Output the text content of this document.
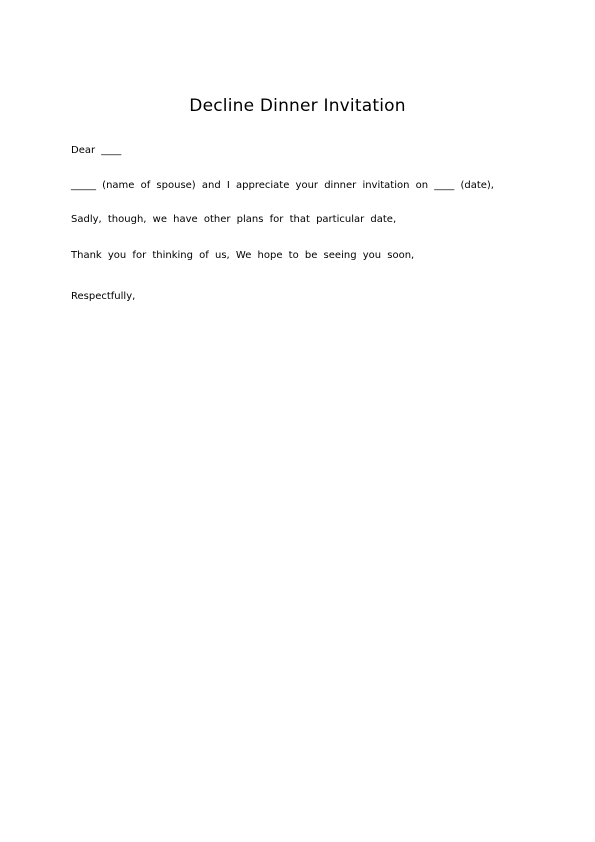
Decline Dinner Invitation
Dear ____
_____ (name of spouse) and I appreciate your dinner invitation on ____ (date),
Sadly, though, we have other plans for that particular date,
Thank you for thinking of us, We hope to be seeing you soon,
Respectfully,
